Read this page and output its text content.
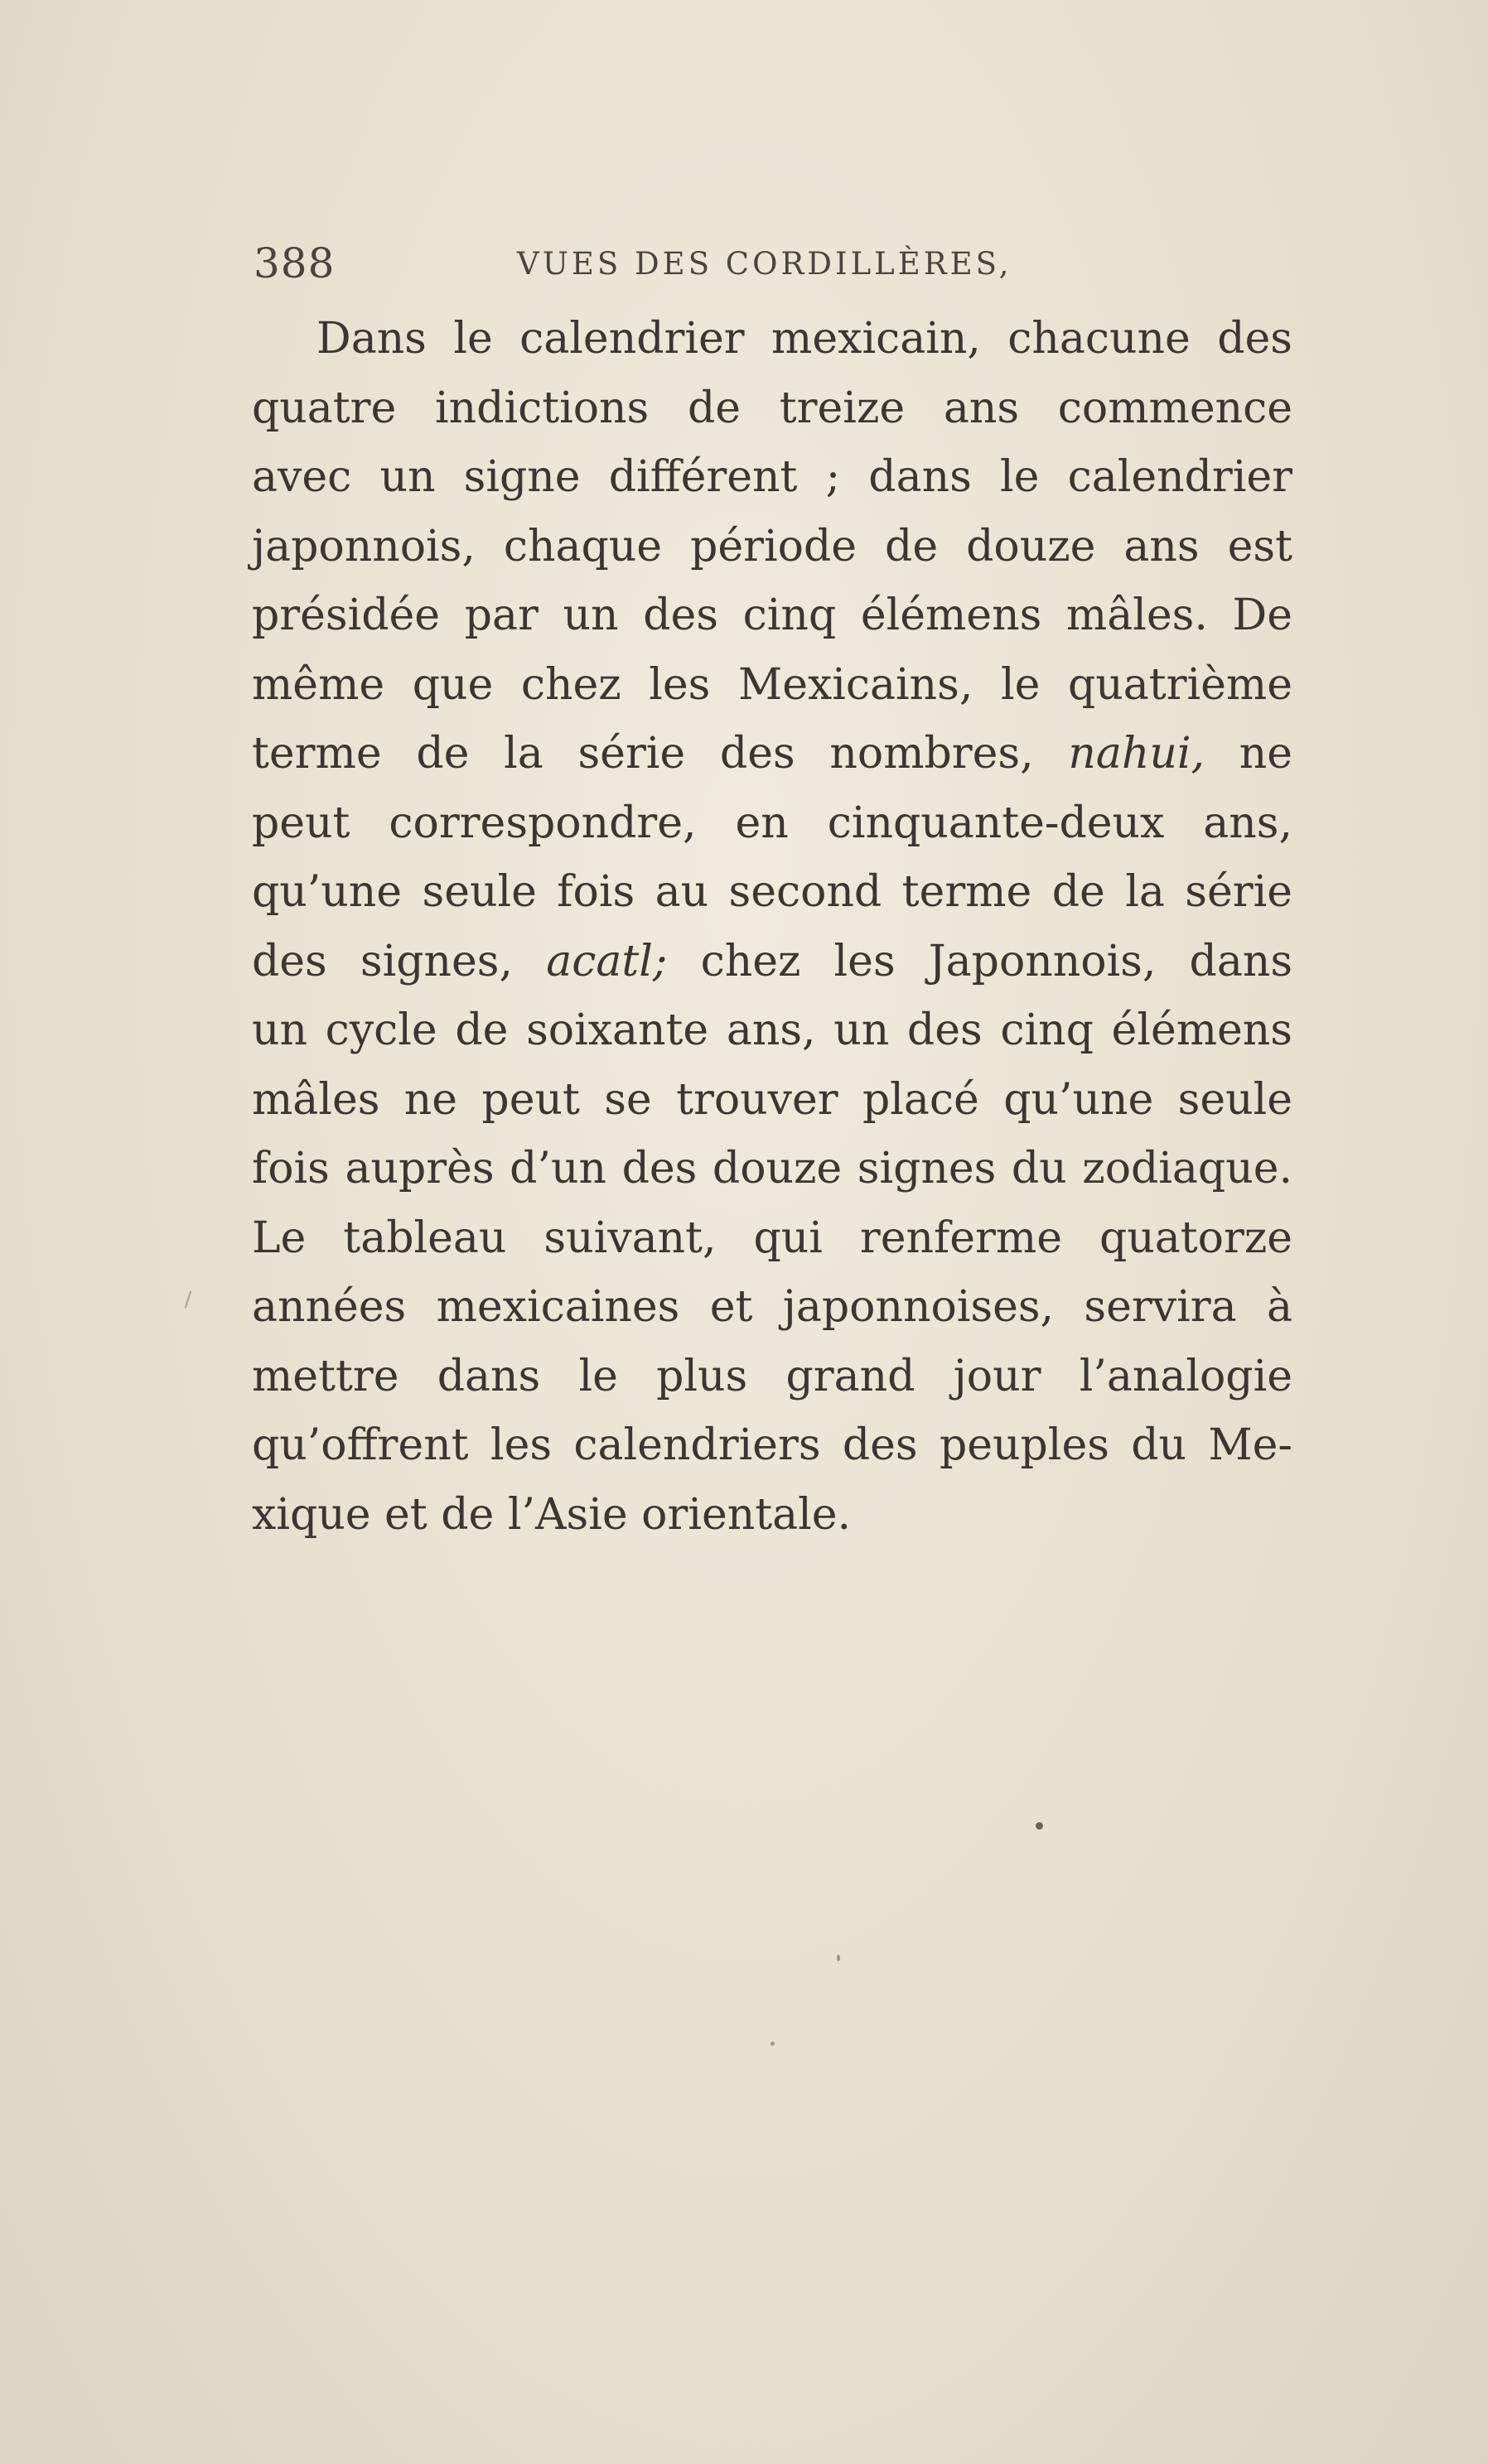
388	VUES DES CORDILLÈRES,
Dans le calendrier mexicain, chacune des
quatre indictions de treize ans commence
avec un signe différent ; dans le calendrier
japonnois, chaque période de douze ans est
présidée par un des cinq élémens mâles. De
même que chez les Mexicains, le quatrième
terme de la série des nombres, nahui, ne
peut correspondre, en cinquante-deux ans,
qu’une seule fois au second terme de la série
des signes, acatl; chez les Japonnois, dans
un cycle de soixante ans, un des cinq élémens
mâles ne peut se trouver placé qu’une seule
fois auprès d’un des douze signes du zodiaque.
Le tableau suivant, qui renferme quatorze
années mexicaines et japonnoises, servira à
mettre dans le plus grand jour l’analogie
qu’offrent les calendriers des peuples du Me-
xique et de l’Asie orientale.
